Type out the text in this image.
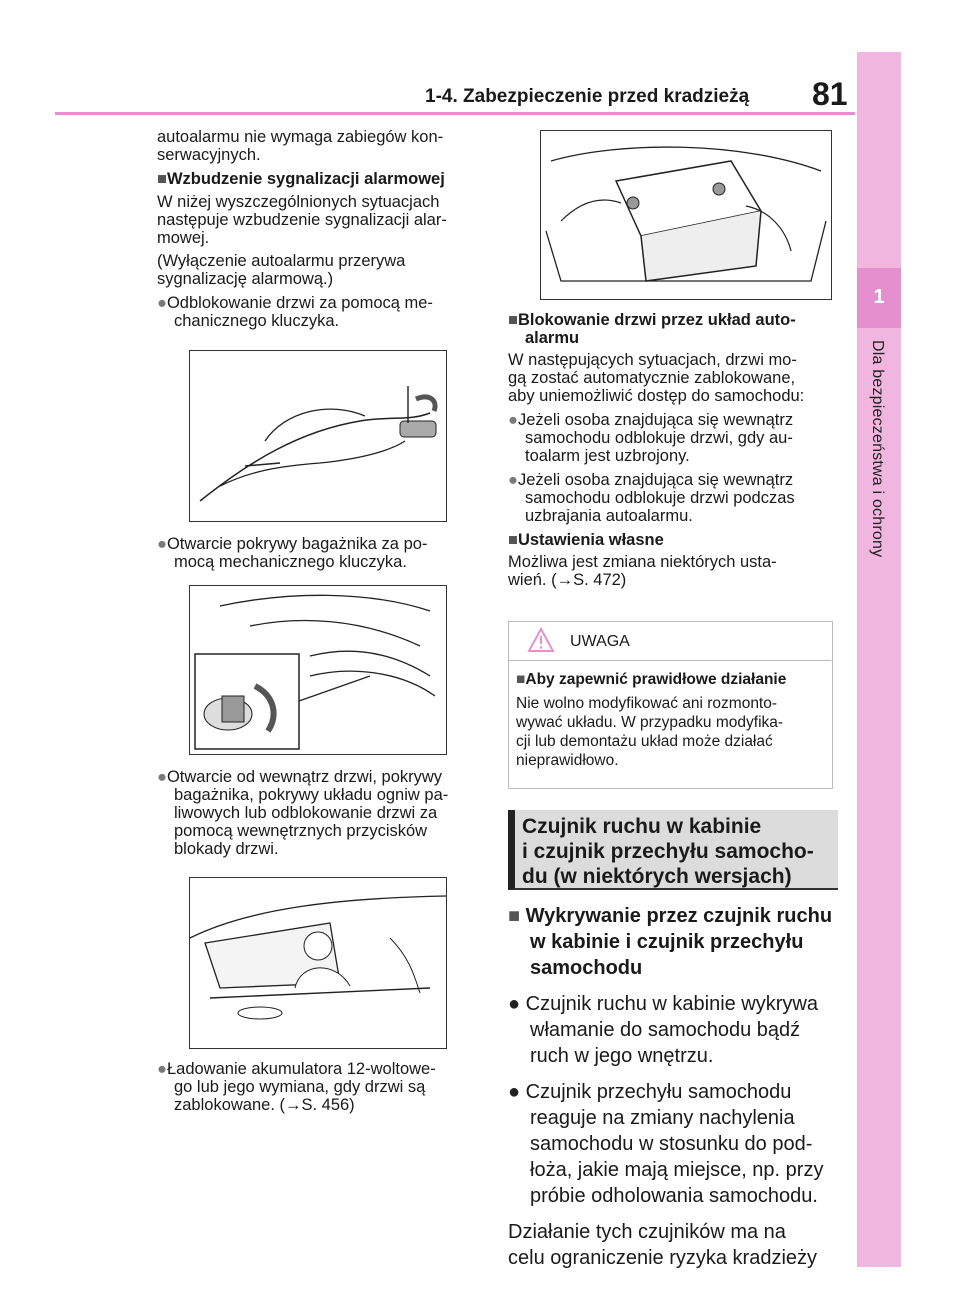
1-4. Zabezpieczenie przed kradzieżą 81
1
Dla bezpieczeństwa i ochrony

autoalarmu nie wymaga zabiegów kon-

serwacyjnych.

■Wzbudzenie sygnalizacji alarmowej

W niżej wyszczególnionych sytuacjach

następuje wzbudzenie sygnalizacji alar-

mowej.

(Wyłączenie autoalarmu przerywa

sygnalizację alarmową.)

●Odblokowanie drzwi za pomocą me-

chanicznego kluczyka.

●Otwarcie pokrywy bagażnika za po-

mocą mechanicznego kluczyka.

●Otwarcie od wewnątrz drzwi, pokrywy

bagażnika, pokrywy układu ogniw pa-

liwowych lub odblokowanie drzwi za

pomocą wewnętrznych przycisków

blokady drzwi.

●Ładowanie akumulatora 12-woltowe-

go lub jego wymiana, gdy drzwi są

zablokowane. (→S. 456)

■Blokowanie drzwi przez układ auto-

alarmu

W następujących sytuacjach, drzwi mo-

gą zostać automatycznie zablokowane,

aby uniemożliwić dostęp do samochodu:

●Jeżeli osoba znajdująca się wewnątrz

samochodu odblokuje drzwi, gdy au-

toalarm jest uzbrojony.

●Jeżeli osoba znajdująca się wewnątrz

samochodu odblokuje drzwi podczas

uzbrajania autoalarmu.

■Ustawienia własne

Możliwa jest zmiana niektórych usta-

wień. (→S. 472)

UWAGA

■Aby zapewnić prawidłowe działanie

Nie wolno modyfikować ani rozmonto-

wywać układu. W przypadku modyfika-

cji lub demontażu układ może działać

nieprawidłowo.

Czujnik ruchu w kabinie
i czujnik przechyłu samocho-
du (w niektórych wersjach)

■ Wykrywanie przez czujnik ruchu

w kabinie i czujnik przechyłu

samochodu

● Czujnik ruchu w kabinie wykrywa

włamanie do samochodu bądź

ruch w jego wnętrzu.

● Czujnik przechyłu samochodu

reaguje na zmiany nachylenia

samochodu w stosunku do pod-

łoża, jakie mają miejsce, np. przy

próbie odholowania samochodu.

Działanie tych czujników ma na

celu ograniczenie ryzyka kradzieży
